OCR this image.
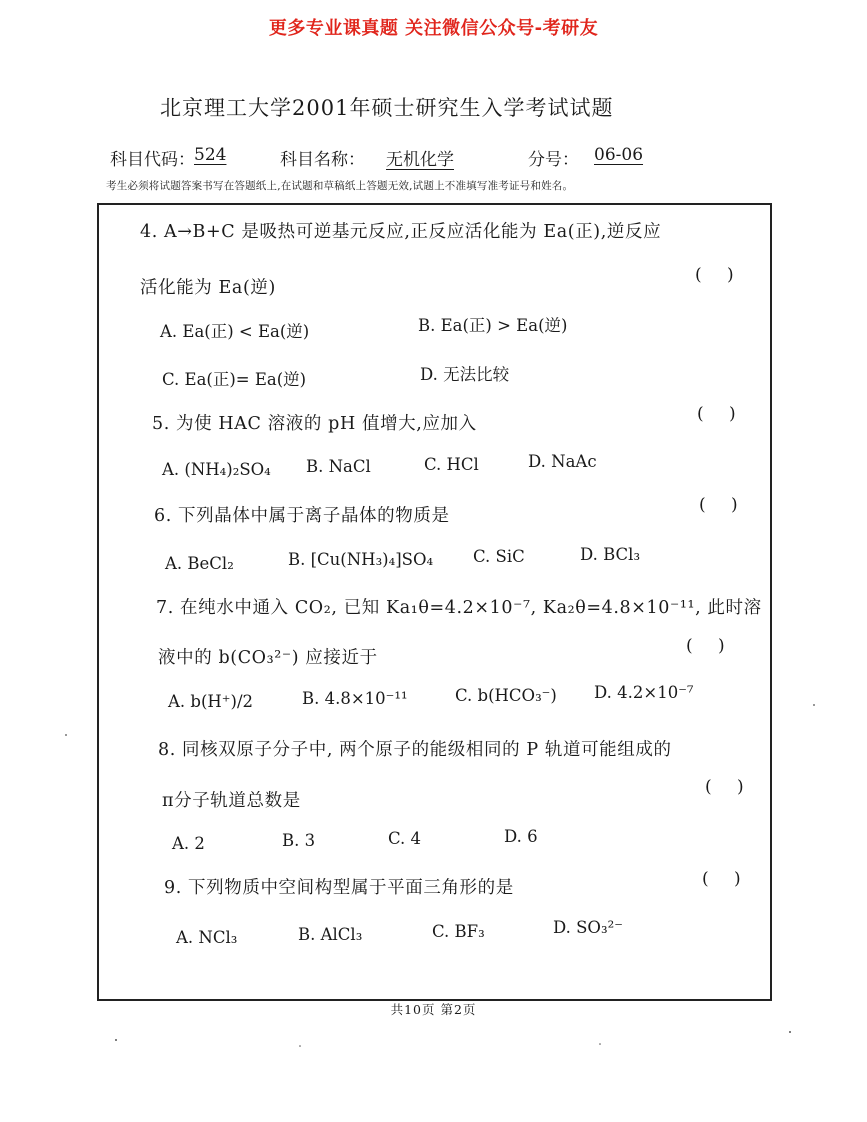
更多专业课真题 关注微信公众号-考研友
北京理工大学2001年硕士研究生入学考试试题
科目代码： 524	科目名称： 无机化学	分号： 06-06
考生必须将试题答案书写在答题纸上,在试题和草稿纸上答题无效,试题上不准填写准考证号和姓名。
4. A→B+C 是吸热可逆基元反应,正反应活化能为 Ea(正),逆反应
活化能为 Ea(逆)
( )
A. Ea(正) < Ea(逆)	B. Ea(正) > Ea(逆)
C. Ea(正)= Ea(逆)	D. 无法比较
5. 为使 HAC 溶液的 pH 值增大,应加入	( )
A. (NH₄)₂SO₄ B. NaCl	C. HCl	D. NaAc
6. 下列晶体中属于离子晶体的物质是
( )
A. BeCl₂	B. [Cu(NH₃)₄]SO₄ C. SiC	D. BCl₃
7. 在纯水中通入 CO₂, 已知 Ka₁θ=4.2×10⁻⁷, Ka₂θ=4.8×10⁻¹¹, 此时溶
液中的 b(CO₃²⁻) 应接近于
( )
A. b(H⁺)/2	B. 4.8×10⁻¹¹	C. b(HCO₃⁻) D. 4.2×10⁻⁷
8. 同核双原子分子中, 两个原子的能级相同的 P 轨道可能组成的
π分子轨道总数是
( )
A. 2	B. 3	C. 4	D. 6
9. 下列物质中空间构型属于平面三角形的是	( )
A. NCl₃	B. AlCl₃	C. BF₃	D. SO₃²⁻
共10页 第2页
